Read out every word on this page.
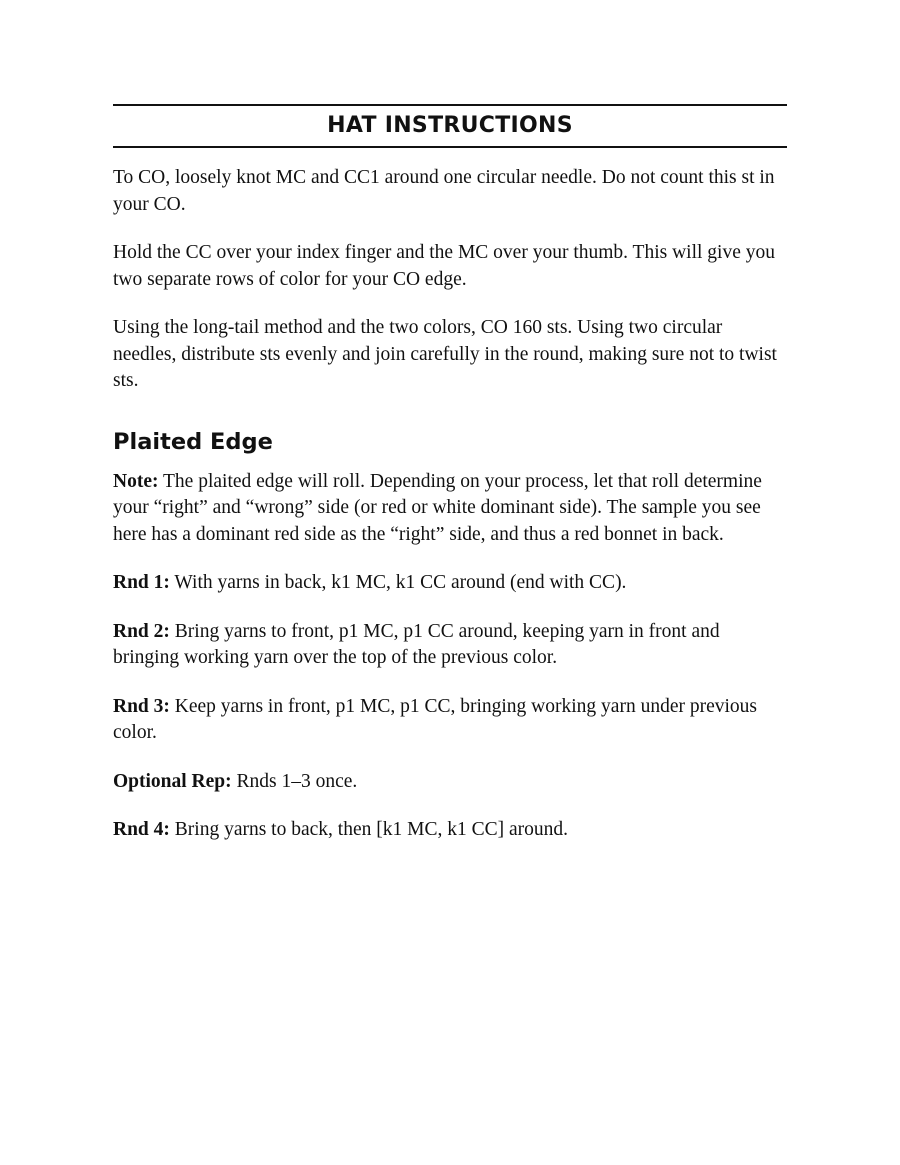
HAT INSTRUCTIONS

To CO, loosely knot MC and CC1 around one circular needle. Do not count this st in your CO.

Hold the CC over your index finger and the MC over your thumb. This will give you two separate rows of color for your CO edge.

Using the long-tail method and the two colors, CO 160 sts. Using two circular needles, distribute sts evenly and join carefully in the round, making sure not to twist sts.

Plaited Edge

Note: The plaited edge will roll. Depending on your process, let that roll determine your “right” and “wrong” side (or red or white dominant side). The sample you see here has a dominant red side as the “right” side, and thus a red bonnet in back.

Rnd 1: With yarns in back, k1 MC, k1 CC around (end with CC).

Rnd 2: Bring yarns to front, p1 MC, p1 CC around, keeping yarn in front and bringing working yarn over the top of the previous color.

Rnd 3: Keep yarns in front, p1 MC, p1 CC, bringing working yarn under previous color.

Optional Rep: Rnds 1–3 once.

Rnd 4: Bring yarns to back, then [k1 MC, k1 CC] around.
